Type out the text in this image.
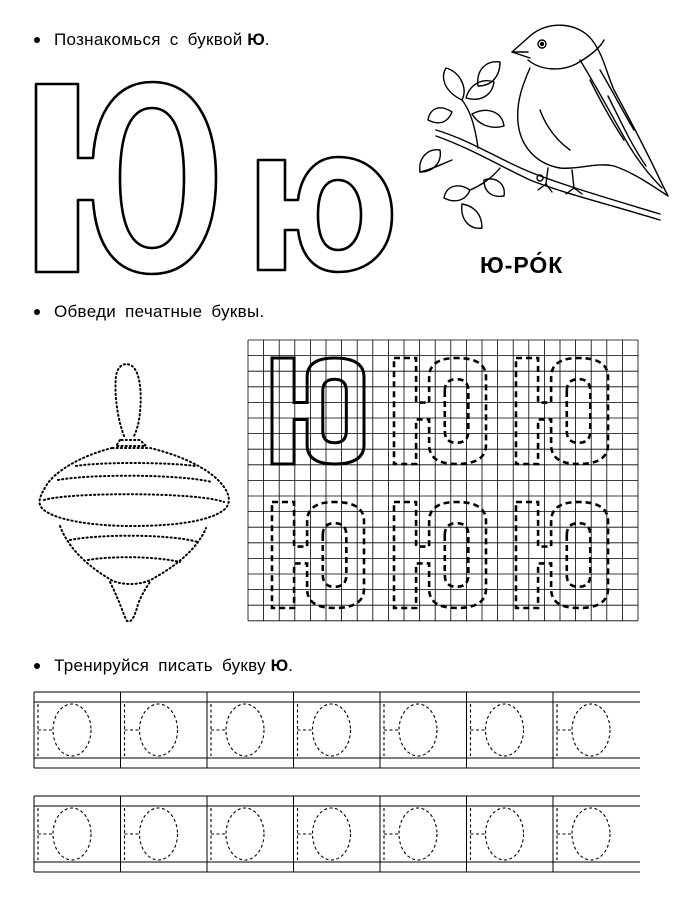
Познакомься с буквой
Ю .
Ю-РО́К
Обведи печатные буквы.
Тренируйся писать букву
Ю .
